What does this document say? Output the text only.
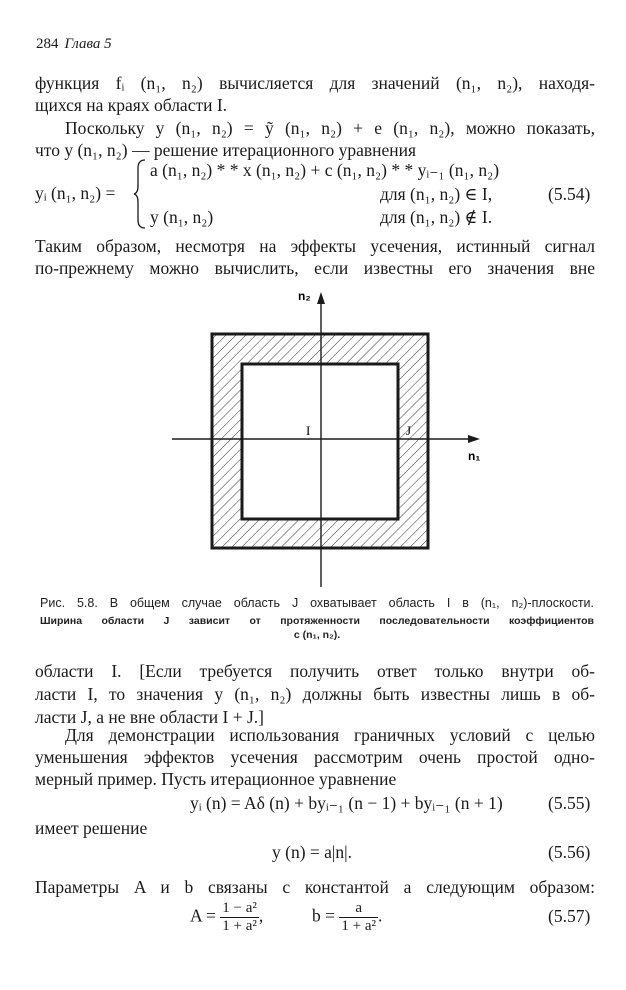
284 Глава 5
функция fᵢ (n₁, n₂) вычисляется для значений (n₁, n₂), находя-
щихся на краях области I.
Поскольку y (n₁, n₂) = ỹ (n₁, n₂) + e (n₁, n₂), можно показать,
что y (n₁, n₂) — решение итерационного уравнения
yᵢ (n₁, n₂) =
a (n₁, n₂) * * x (n₁, n₂) + c (n₁, n₂) * * yᵢ₋₁ (n₁, n₂)
для (n₁, n₂) ∈ I,	(5.54)
y (n₁, n₂)	для (n₁, n₂) ∉ I.
Таким образом, несмотря на эффекты усечения, истинный сигнал
по-прежнему можно вычислить, если известны его значения вне
n₂
n₁
I	J
Рис. 5.8. В общем случае область J охватывает область I в (n₁, n₂)-плоскости.
Ширина области J зависит от протяженности последовательности коэффициентов
c (n₁, n₂).
области I. [Если требуется получить ответ только внутри об-
ласти I, то значения y (n₁, n₂) должны быть известны лишь в об-
ласти J, а не вне области I + J.]
Для демонстрации использования граничных условий с целью
уменьшения эффектов усечения рассмотрим очень простой одно-
мерный пример. Пусть итерационное уравнение
yᵢ (n) = Aδ (n) + byᵢ₋₁ (n − 1) + byᵢ₋₁ (n + 1)	(5.55)
имеет решение
y (n) = a|n|.	(5.56)
Параметры A и b связаны с константой a следующим образом:
$A = \frac{\text{1 − a²}}{\text{1 + a²}}$ ,	$b = \frac{a}{\text{1 + a²}}$ .	(5.57)
